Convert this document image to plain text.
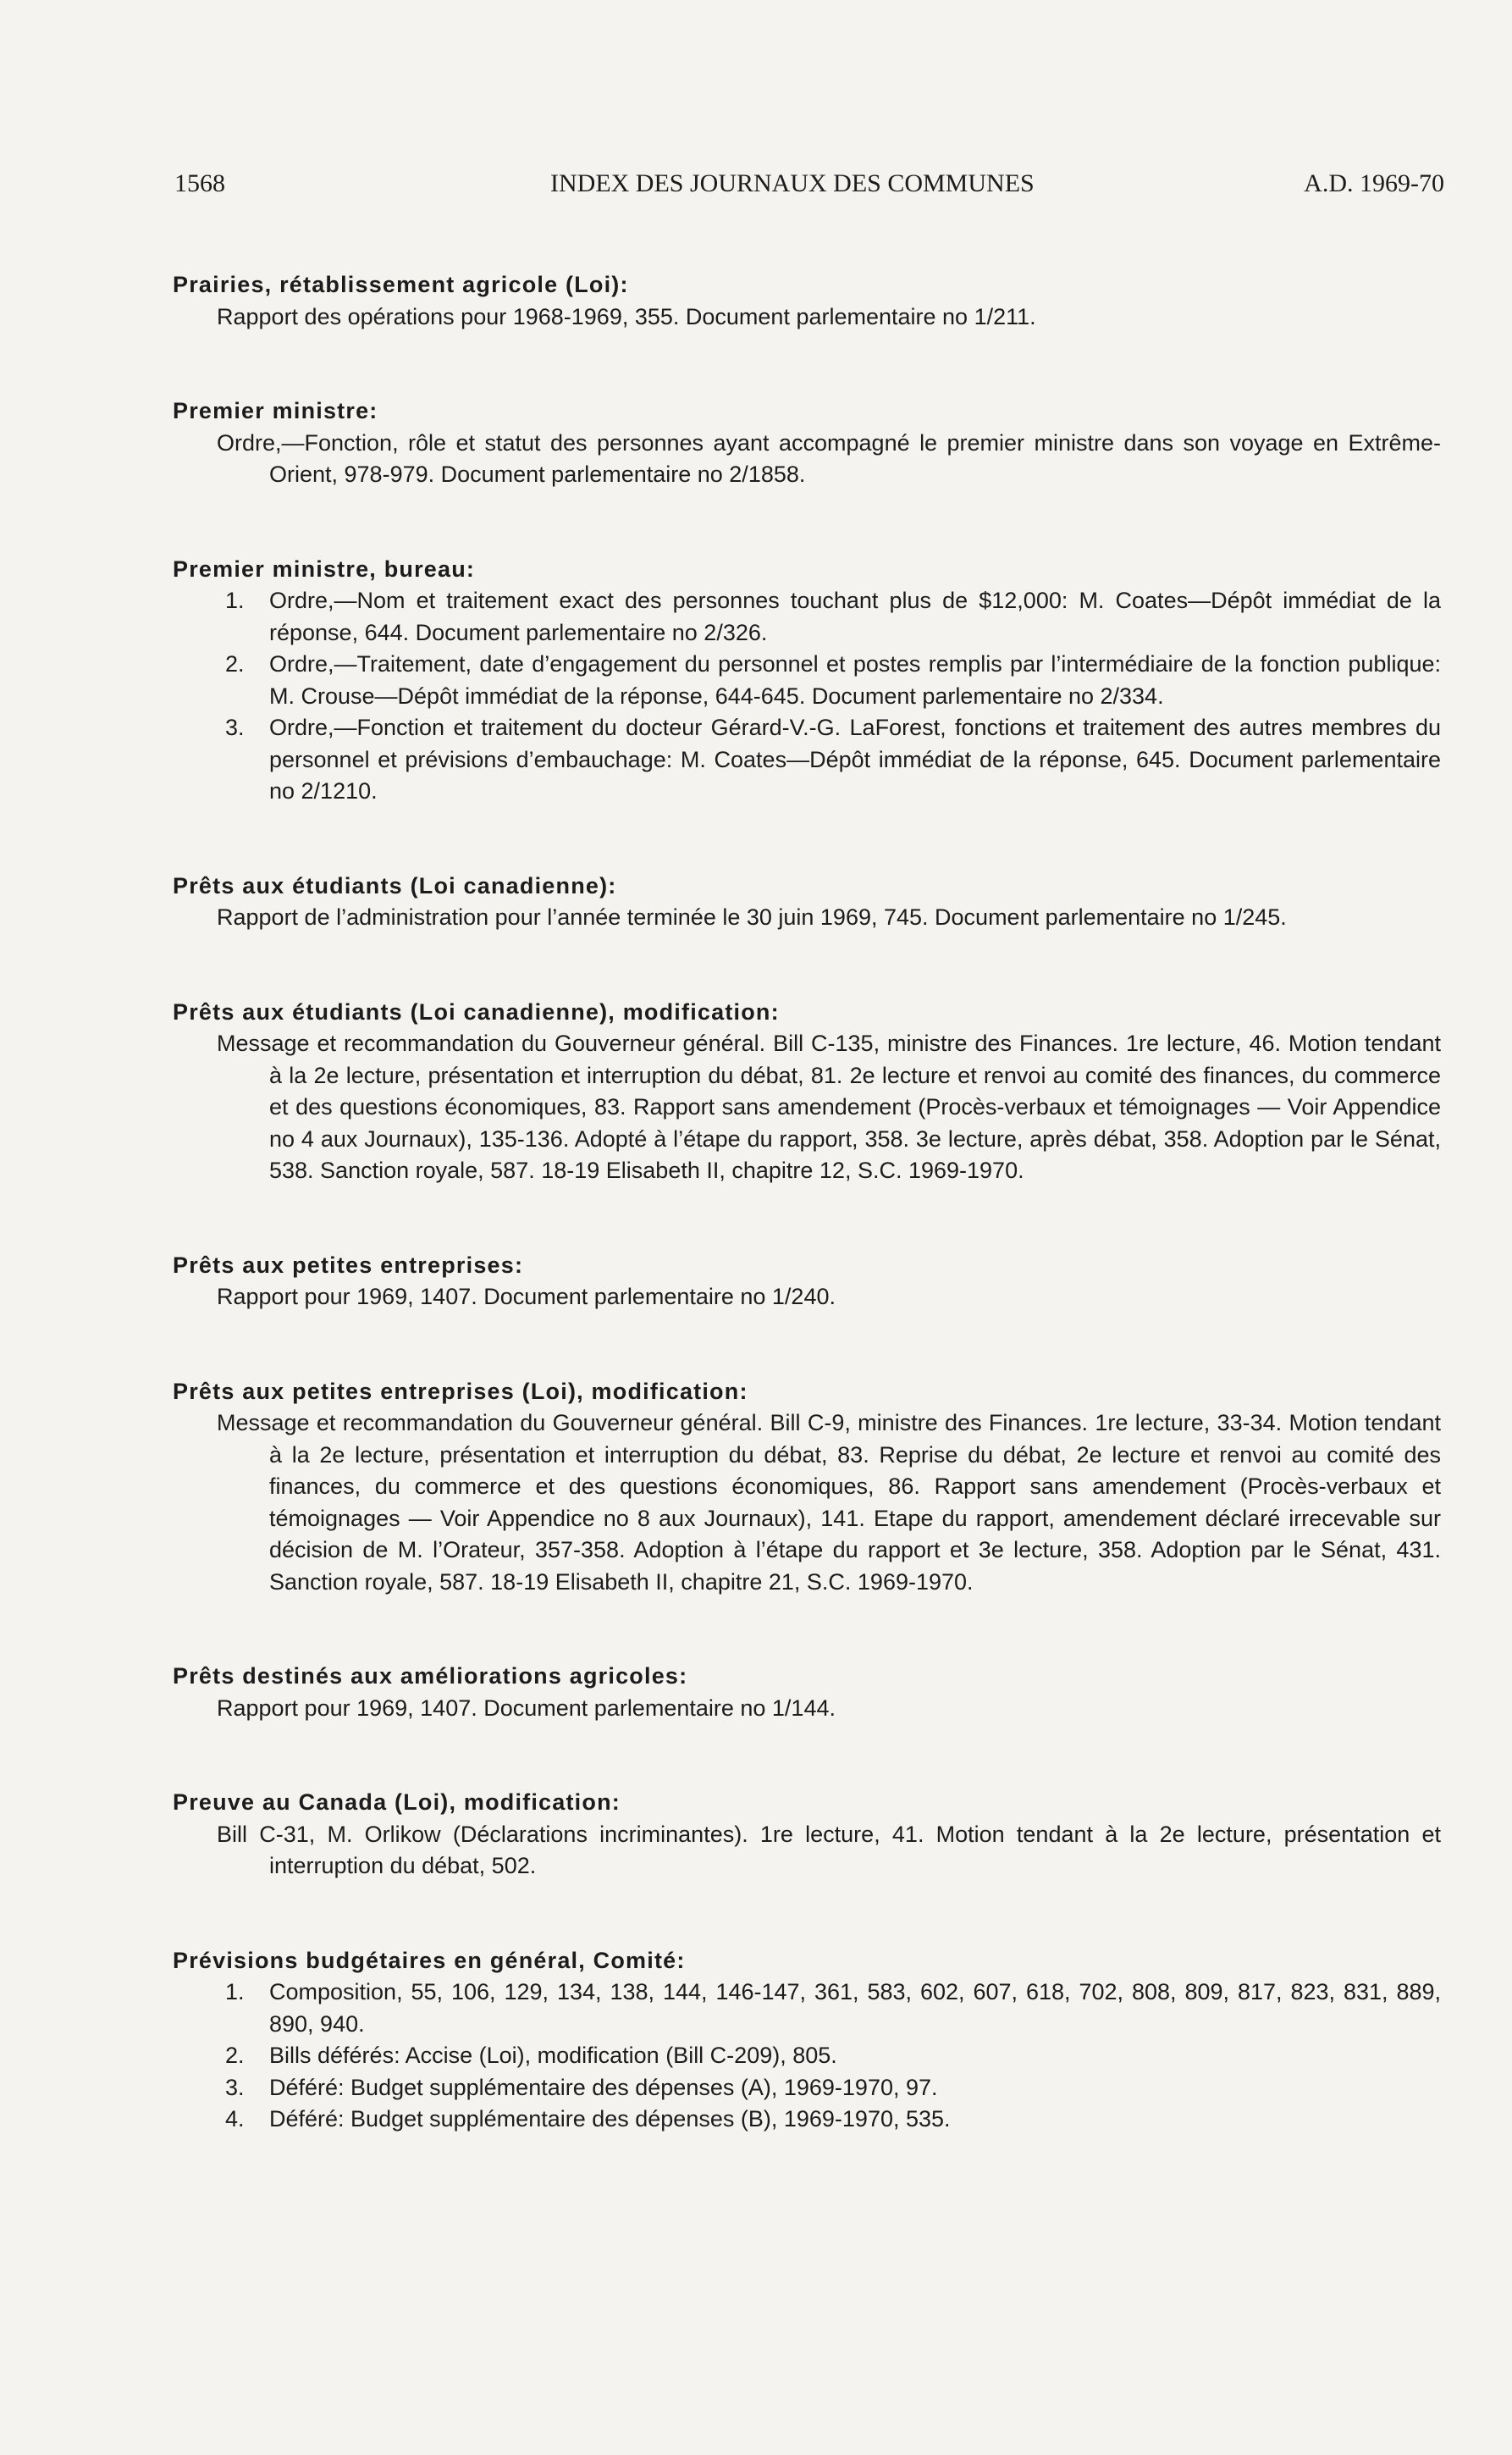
1568	INDEX DES JOURNAUX DES COMMUNES	A.D. 1969-70

Prairies, rétablissement agricole (Loi):

Rapport des opérations pour 1968-1969, 355. Document parlementaire no 1/211.

Premier ministre:

Ordre,—Fonction, rôle et statut des personnes ayant accompagné le premier ministre dans son voyage en Extrême-Orient, 978-979. Document parlementaire no 2/1858.

Premier ministre, bureau:

1.	Ordre,—Nom et traitement exact des personnes touchant plus de $12,000: M. Coates—Dépôt immédiat de la réponse, 644. Document parlementaire no 2/326.
2.	Ordre,—Traitement, date d’engagement du personnel et postes remplis par l’intermédiaire de la fonction publique: M. Crouse—Dépôt immédiat de la réponse, 644-645. Document parlementaire no 2/334.
3.	Ordre,—Fonction et traitement du docteur Gérard-V.-G. LaForest, fonctions et traitement des autres membres du personnel et prévisions d’embauchage: M. Coates—Dépôt immédiat de la réponse, 645. Document parlementaire no 2/1210.

Prêts aux étudiants (Loi canadienne):

Rapport de l’administration pour l’année terminée le 30 juin 1969, 745. Document parlementaire no 1/245.

Prêts aux étudiants (Loi canadienne), modification:

Message et recommandation du Gouverneur général. Bill C-135, ministre des Finances. 1re lecture, 46. Motion tendant à la 2e lecture, présentation et interruption du débat, 81. 2e lecture et renvoi au comité des finances, du commerce et des questions économiques, 83. Rapport sans amendement (Procès-verbaux et témoignages — Voir Appendice no 4 aux Journaux), 135-136. Adopté à l’étape du rapport, 358. 3e lecture, après débat, 358. Adoption par le Sénat, 538. Sanction royale, 587. 18-19 Elisabeth II, chapitre 12, S.C. 1969-1970.

Prêts aux petites entreprises:

Rapport pour 1969, 1407. Document parlementaire no 1/240.

Prêts aux petites entreprises (Loi), modification:

Message et recommandation du Gouverneur général. Bill C-9, ministre des Finances. 1re lecture, 33-34. Motion tendant à la 2e lecture, présentation et interruption du débat, 83. Reprise du débat, 2e lecture et renvoi au comité des finances, du commerce et des questions économiques, 86. Rapport sans amendement (Procès-verbaux et témoignages — Voir Appendice no 8 aux Journaux), 141. Etape du rapport, amendement déclaré irrecevable sur décision de M. l’Orateur, 357-358. Adoption à l’étape du rapport et 3e lecture, 358. Adoption par le Sénat, 431. Sanction royale, 587. 18-19 Elisabeth II, chapitre 21, S.C. 1969-1970.

Prêts destinés aux améliorations agricoles:

Rapport pour 1969, 1407. Document parlementaire no 1/144.

Preuve au Canada (Loi), modification:

Bill C-31, M. Orlikow (Déclarations incriminantes). 1re lecture, 41. Motion tendant à la 2e lecture, présentation et interruption du débat, 502.

Prévisions budgétaires en général, Comité:

1.	Composition, 55, 106, 129, 134, 138, 144, 146-147, 361, 583, 602, 607, 618, 702, 808, 809, 817, 823, 831, 889, 890, 940.
2.	Bills déférés: Accise (Loi), modification (Bill C-209), 805.
3.	Déféré: Budget supplémentaire des dépenses (A), 1969-1970, 97.
4.	Déféré: Budget supplémentaire des dépenses (B), 1969-1970, 535.
